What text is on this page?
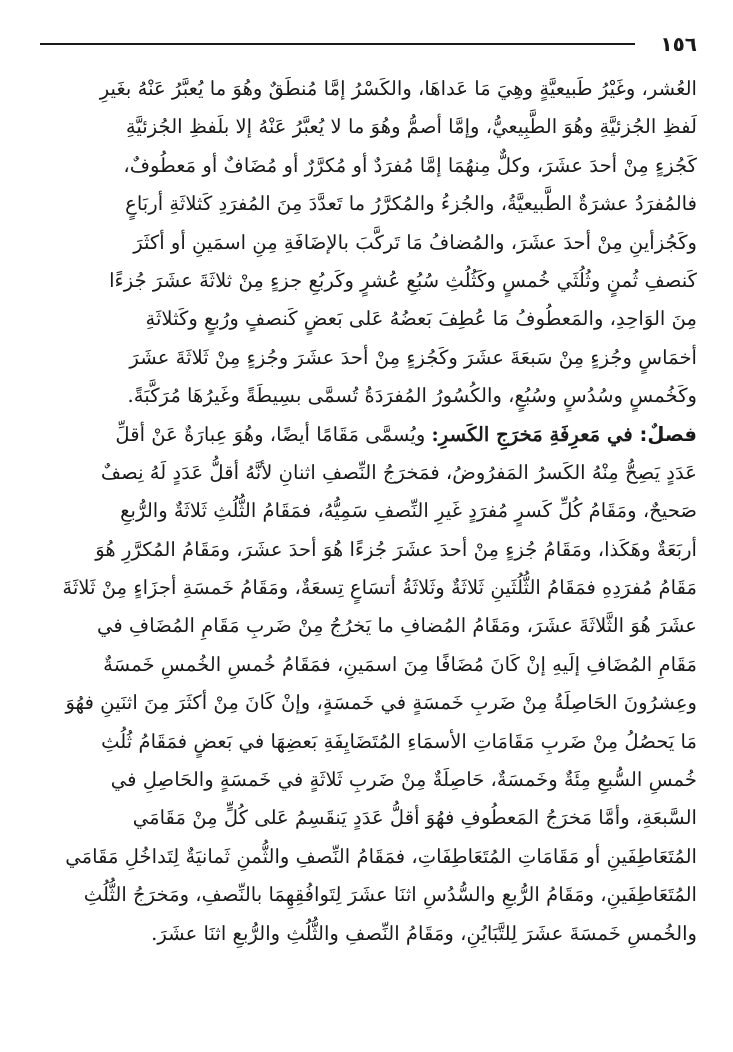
١٥٦
العُشر، وغَيْرُ طَبيعيَّةٍ وهِيَ مَا عَداهَا، والكَسْرُ إمَّا مُنطَقٌ وهُوَ ما يُعبَّرُ عَنْهُ بغَيرِ
لَفظِ الجُزئيَّةِ وهُوَ الطَّبِيعيُّ، وإمَّا أصمُّ وهُوَ ما لا يُعبَّرُ عَنْهُ إلا بلَفظِ الجُزئيَّةِ
كَجُزءٍ مِنْ أحدَ عشَرَ، وكلٌّ مِنهُمَا إمَّا مُفرَدٌ أو مُكرَّرٌ أو مُضَافٌ أو مَعطُوفٌ،
فالمُفرَدُ عشرَةٌ الطَّبيعيَّةُ، والجُزءُ والمُكرَّرُ ما تَعدَّدَ مِنَ المُفرَدِ كَثلاثَةِ أربَاعٍ
وكَجُزأينِ مِنْ أحدَ عشَرَ، والمُضافُ مَا تَركَّبَ بالإضَافَةِ مِنِ اسمَينِ أو أكثَرَ
كَنصفِ ثُمنٍ وثُلُثَي خُمسٍ وكَثُلُثِ سُبُعِ عُشرٍ وكَربُعِ جزءٍ مِنْ ثلاثَةَ عشَرَ جُزءًا
مِنَ الوَاحِدِ، والمَعطُوفُ مَا عُطِفَ بَعضُهُ عَلى بَعضٍ كَنصفٍ ورُبعٍ وكَثلاثَةِ
أخمَاسٍ وجُزءٍ مِنْ سَبعَةَ عشَرَ وكَجُزءٍ مِنْ أحدَ عشَرَ وجُزءٍ مِنْ ثَلاثَةَ عشَرَ
وكَخُمسٍ وسُدُسٍ وسُبُعٍ، والكُسُورُ المُفرَدَةُ تُسمَّى بسِيطَةً وغَيرُهَا مُرَكَّبَةً.
فصلٌ: في مَعرِفَةِ مَخرَجِ الكَسرِ: ويُسمَّى مَقَامًا أيضًا، وهُوَ عِبارَةٌ عَنْ أقلِّ
عَدَدٍ يَصِحُّ مِنْهُ الكَسرُ المَفرُوضُ، فمَخرَجُ النِّصفِ اثنانِ لأنَّهُ أقلُّ عَدَدٍ لَهُ نِصفٌ
صَحيحٌ، ومَقَامُ كُلِّ كَسرٍ مُفرَدٍ غَيرِ النِّصفِ سَمِيُّهُ، فمَقَامُ الثُّلُثِ ثَلاثَةٌ والرُّبعِ
أربَعَةٌ وهَكَذا، ومَقَامُ جُزءٍ مِنْ أحدَ عشَرَ جُزءًا هُوَ أحدَ عشَرَ، ومَقَامُ المُكرَّرِ هُوَ
مَقَامُ مُفرَدِهِ فمَقَامُ الثُّلُثَينِ ثَلاثَةٌ وثَلاثَةُ أتسَاعٍ تِسعَةٌ، ومَقَامُ خَمسَةِ أجزَاءٍ مِنْ ثَلاثَةَ
عشَرَ هُوَ الثَّلاثَةَ عشَرَ، ومَقَامُ المُضافِ ما يَخرُجُ مِنْ ضَربِ مَقَامِ المُضَافِ في
مَقَامِ المُضَافِ إلَيهِ إنْ كَانَ مُضَافًا مِنَ اسمَينِ، فمَقَامُ خُمسِ الخُمسِ خَمسَةٌ
وعِشرُونَ الحَاصِلَةُ مِنْ ضَربِ خَمسَةٍ في خَمسَةٍ، وإنْ كَانَ مِنْ أكثَرَ مِنَ اثنَينِ فهُوَ
مَا يَحصُلُ مِنْ ضَربِ مَقَامَاتِ الأسمَاءِ المُتَضَايِفَةِ بَعضِهَا في بَعضٍ فمَقَامُ ثُلُثِ
خُمسِ السُّبعِ مِئَةٌ وخَمسَةٌ، حَاصِلَةٌ مِنْ ضَربِ ثَلاثَةٍ في خَمسَةٍ والحَاصِلِ في
السَّبعَةِ، وأمَّا مَخرَجُ المَعطُوفِ فهُوَ أقلُّ عَدَدٍ يَنقَسِمُ عَلى كُلٍّ مِنْ مَقَامَي
المُتَعَاطِفَينِ أو مَقَامَاتِ المُتَعَاطِفَاتِ، فمَقَامُ النِّصفِ والثُّمنِ ثَمانيَةٌ لِتَداخُلِ مَقَامَي
المُتَعَاطِفَينِ، ومَقَامُ الرُّبعِ والسُّدُسِ اثنَا عشَرَ لِتَوافُقِهِمَا بالنِّصفِ، ومَخرَجُ الثُّلُثِ
والخُمسِ خَمسَةَ عشَرَ لِلتَّبَايُنِ، ومَقَامُ النِّصفِ والثُّلُثِ والرُّبعِ اثنَا عشَرَ.
